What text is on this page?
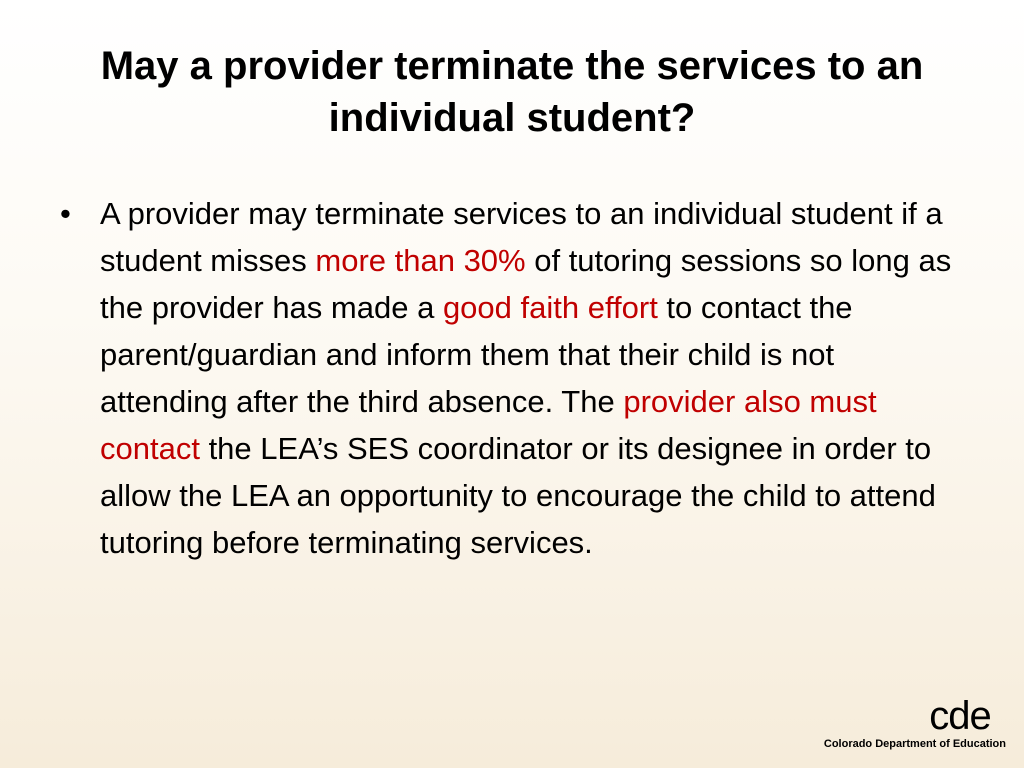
May a provider terminate the services to an individual student?
• A provider may terminate services to an individual student if a student misses more than 30% of tutoring sessions so long as the provider has made a good faith effort to contact the parent/guardian and inform them that their child is not attending after the third absence. The provider also must contact the LEA’s SES coordinator or its designee in order to allow the LEA an opportunity to encourage the child to attend tutoring before terminating services.
cde
Colorado Department of Education
